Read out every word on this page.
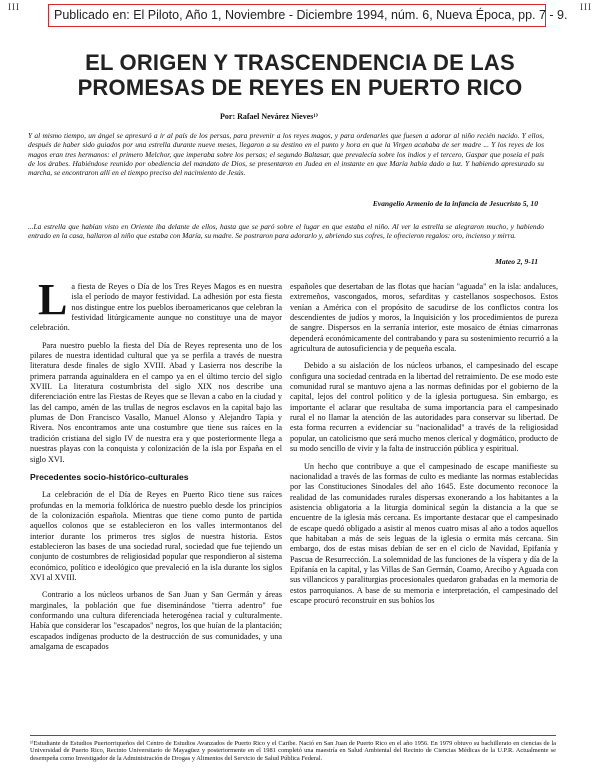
III	III
Publicado en: El Piloto, Año 1, Noviembre - Diciembre 1994, núm. 6, Nueva Época, pp. 7 - 9.
EL ORIGEN Y TRASCENDENCIA DE LAS
PROMESAS DE REYES EN PUERTO RICO
Por: Rafael Nevárez Nieves¹⁾

Y al mismo tiempo, un ángel se apresuró a ir al país de los persas, para prevenir a los reyes magos, y para ordenarles que fuesen a adorar al niño recién nacido. Y ellos, después de haber sido guiados por una estrella durante nueve meses, llegaron a su destino en el punto y hora en que la Virgen acababa de ser madre ... Y los reyes de los magos eran tres hermanos: el primero Melchor, que imperaba sobre los persas; el segundo Baltasar, que prevalecía sobre los indios y el tercero, Gaspar que poseía el país de los árabes. Habiéndose reunido por obediencia del mandato de Dios, se presentaron en Judea en el instante en que María había dado a luz. Y habiendo apresurado su marcha, se encontraron allí en el tiempo preciso del nacimiento de Jesús.

Evangelio Armenio de la infancia de Jesucristo 5, 10

...La estrella que habían visto en Oriente iba delante de ellos, hasta que se paró sobre el lugar en que estaba el niño. Al ver la estrella se alegraron mucho, y habiendo entrado en la casa, hallaron al niño que estaba con María, su madre. Se postraron para adorarlo y, abriendo sus cofres, le ofrecieron regalos: oro, incienso y mirra.

Mateo 2, 9-11

La fiesta de Reyes o Día de los Tres Reyes Magos es en nuestra isla el período de mayor festividad. La adhesión por esta fiesta nos distingue entre los pueblos iberoamericanos que celebran la festividad litúrgicamente aunque no constituye una de mayor celebración.

Para nuestro pueblo la fiesta del Día de Reyes representa uno de los pilares de nuestra identidad cultural que ya se perfila a través de nuestra literatura desde finales de siglo XVIII. Abad y Lasierra nos describe la primera parranda aguinaldera en el campo ya en el último tercio del siglo XVIII. La literatura costumbrista del siglo XIX nos describe una diferenciación entre las Fiestas de Reyes que se llevan a cabo en la ciudad y las del campo, amén de las trullas de negros esclavos en la capital bajo las plumas de Don Francisco Vasallo, Manuel Alonso y Alejandro Tapia y Rivera. Nos encontramos ante una costumbre que tiene sus raíces en la tradición cristiana del siglo IV de nuestra era y que posteriormente llega a nuestras playas con la conquista y colonización de la isla por España en el siglo XVI.

Precedentes socio-histórico-culturales

La celebración de el Día de Reyes en Puerto Rico tiene sus raíces profundas en la memoria folklórica de nuestro pueblo desde los principios de la colonización española. Mientras que tiene como punto de partida aquellos colonos que se establecieron en los valles intermontanos del interior durante los primeros tres siglos de nuestra historia. Estos establecieron las bases de una sociedad rural, sociedad que fue tejiendo un conjunto de costumbres de religiosidad popular que respondieron al sistema económico, político e ideológico que prevaleció en la isla durante los siglos XVI al XVIII.

Contrario a los núcleos urbanos de San Juan y San Germán y áreas marginales, la población que fue diseminándose "tierra adentro" fue conformando una cultura diferenciada heterogénea racial y culturalmente. Había que considerar los "escapados" negros, los que huían de la plantación; escapados indígenas producto de la destrucción de sus comunidades, y una amalgama de escapados

españoles que desertaban de las flotas que hacían "aguada" en la isla: andaluces, extremeños, vascongados, moros, sefarditas y castellanos sospechosos. Estos venían a América con el propósito de sacudirse de los conflictos contra los descendientes de judíos y moros, la Inquisición y los procedimientos de pureza de sangre. Dispersos en la serranía interior, este mosaico de étnias cimarronas dependerá económicamente del contrabando y para su sostenimiento recurrió a la agricultura de autosuficiencia y de pequeña escala.

Debido a su aislación de los núcleos urbanos, el campesinado del escape configura una sociedad centrada en la libertad del retraimiento. De ese modo este comunidad rural se mantuvo ajena a las normas definidas por el gobierno de la capital, lejos del control político y de la iglesia portuguesa. Sin embargo, es importante el aclarar que resultaba de suma importancia para el campesinado rural el no llamar la atención de las autoridades para conservar su libertad. De esta forma recurren a evidenciar su "nacionalidad" a través de la religiosidad popular, un catolicismo que será mucho menos clerical y dogmático, producto de su modo sencillo de vivir y la falta de instrucción pública y espiritual.

Un hecho que contribuye a que el campesinado de escape manifieste su nacionalidad a través de las formas de culto es mediante las normas establecidas por las Constituciones Sinodales del año 1645. Este documento reconoce la realidad de las comunidades rurales dispersas exonerando a los habitantes a la asistencia obligatoria a la liturgia dominical según la distancia a la que se encuentre de la iglesia más cercana. Es importante destacar que el campesinado de escape quedó obligado a asistir al menos cuatro misas al año a todos aquellos que habitaban a más de seis leguas de la iglesia o ermita más cercana. Sin embargo, dos de estas misas debían de ser en el ciclo de Navidad, Epifanía y Pascua de Resurrección. La solemnidad de las funciones de la víspera y día de la Epifanía en la capital, y las Villas de San Germán, Coamo, Arecibo y Aguada con sus villancicos y paraliturgias procesionales quedaron grabadas en la memoria de estos parroquianos. A base de su memoria e interpretación, el campesinado del escape procuró reconstruir en sus bohíos los

¹⁾Estudiante de Estudios Puertorriqueños del Centro de Estudios Avanzados de Puerto Rico y el Caribe. Nació en San Juan de Puerto Rico en el año 1956. En 1979 obtuvo su bachillerato en ciencias de la Universidad de Puerto Rico, Recinto Universitario de Mayagüez y posteriormente en el 1981 completó una maestría en Salud Ambiental del Recinto de Ciencias Médicas de la U.P.R. Actualmente se desempeña como Investigador de la Administración de Drogas y Alimentos del Servicio de Salud Pública Federal.
